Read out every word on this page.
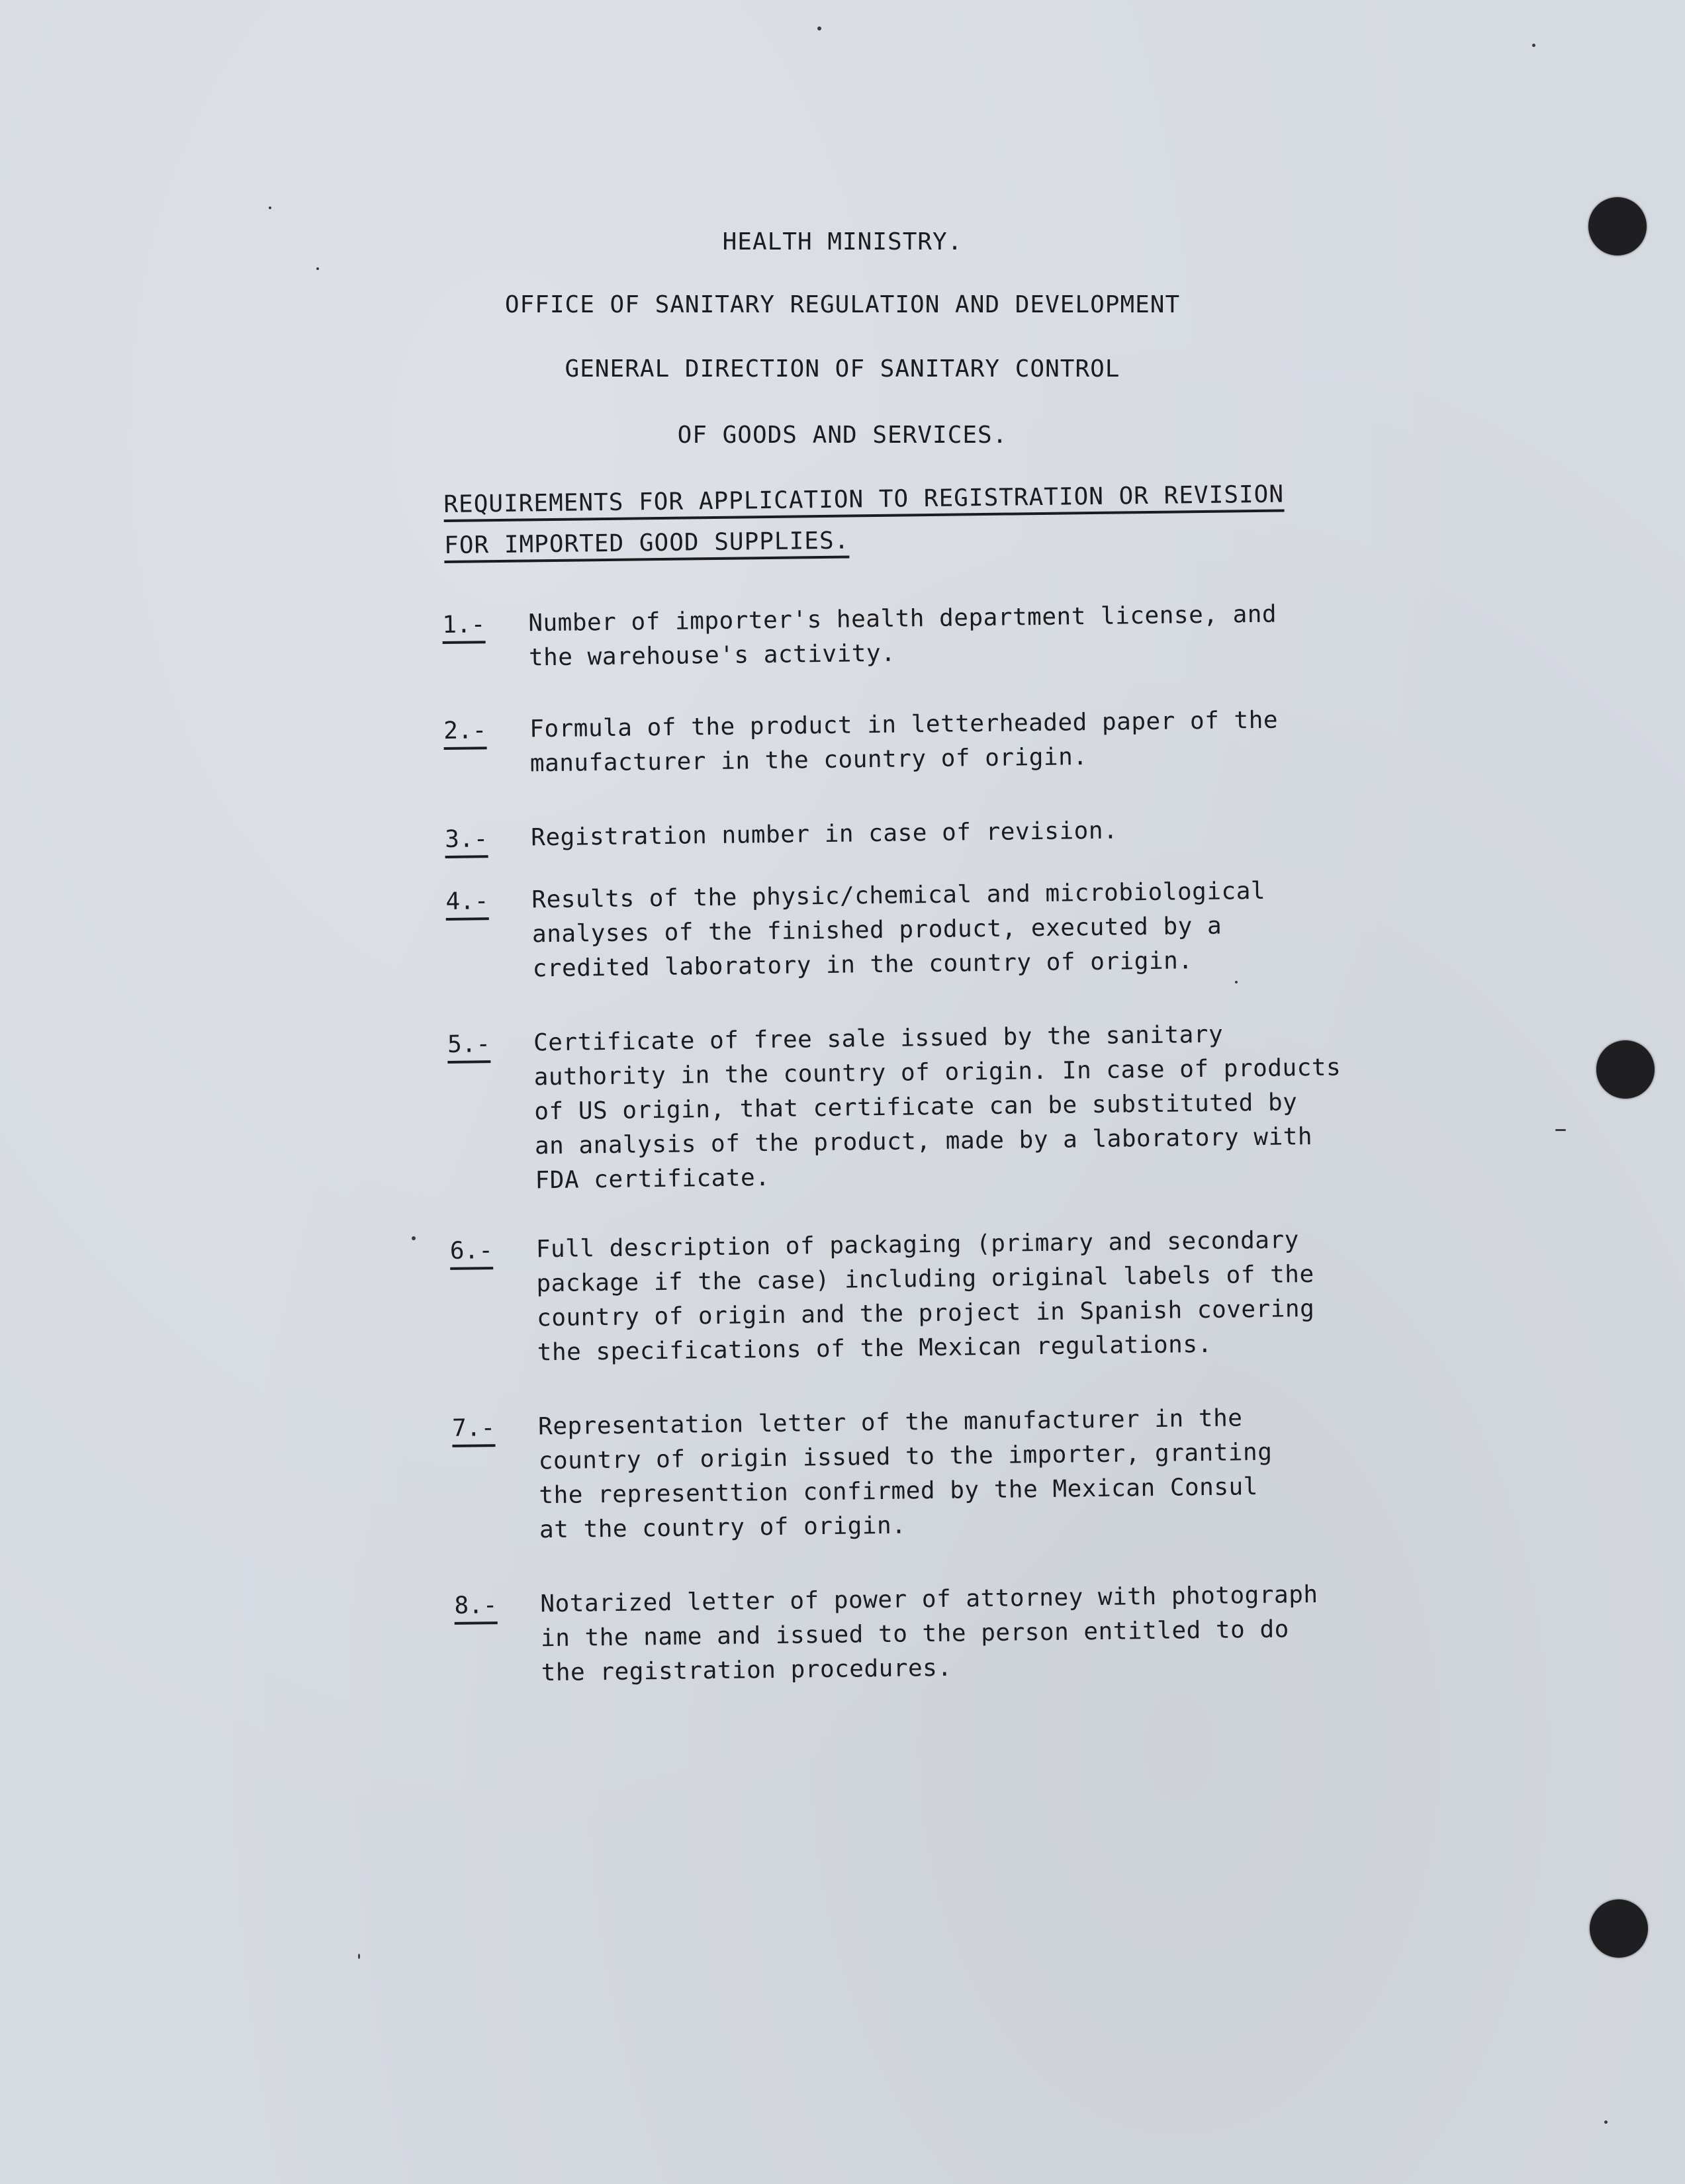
HEALTH MINISTRY.
OFFICE OF SANITARY REGULATION AND DEVELOPMENT
GENERAL DIRECTION OF SANITARY CONTROL
OF GOODS AND SERVICES.
REQUIREMENTS FOR APPLICATION TO REGISTRATION OR REVISION
FOR IMPORTED GOOD SUPPLIES.
1.-	Number of importer's health department license, and
the warehouse's activity.
2.-	Formula of the product in letterheaded paper of the
manufacturer in the country of origin.
3.-	Registration number in case of revision.
4.-	Results of the physic/chemical and microbiological
analyses of the finished product, executed by a
credited laboratory in the country of origin.
5.-	Certificate of free sale issued by the sanitary
authority in the country of origin. In case of products
of US origin, that certificate can be substituted by
an analysis of the product, made by a laboratory with
FDA certificate.
6.-	Full description of packaging (primary and secondary
package if the case) including original labels of the
country of origin and the project in Spanish covering
the specifications of the Mexican regulations.
7.-	Representation letter of the manufacturer in the
country of origin issued to the importer, granting
the representtion confirmed by the Mexican Consul
at the country of origin.
8.-	Notarized letter of power of attorney with photograph
in the name and issued to the person entitled to do
the registration procedures.
